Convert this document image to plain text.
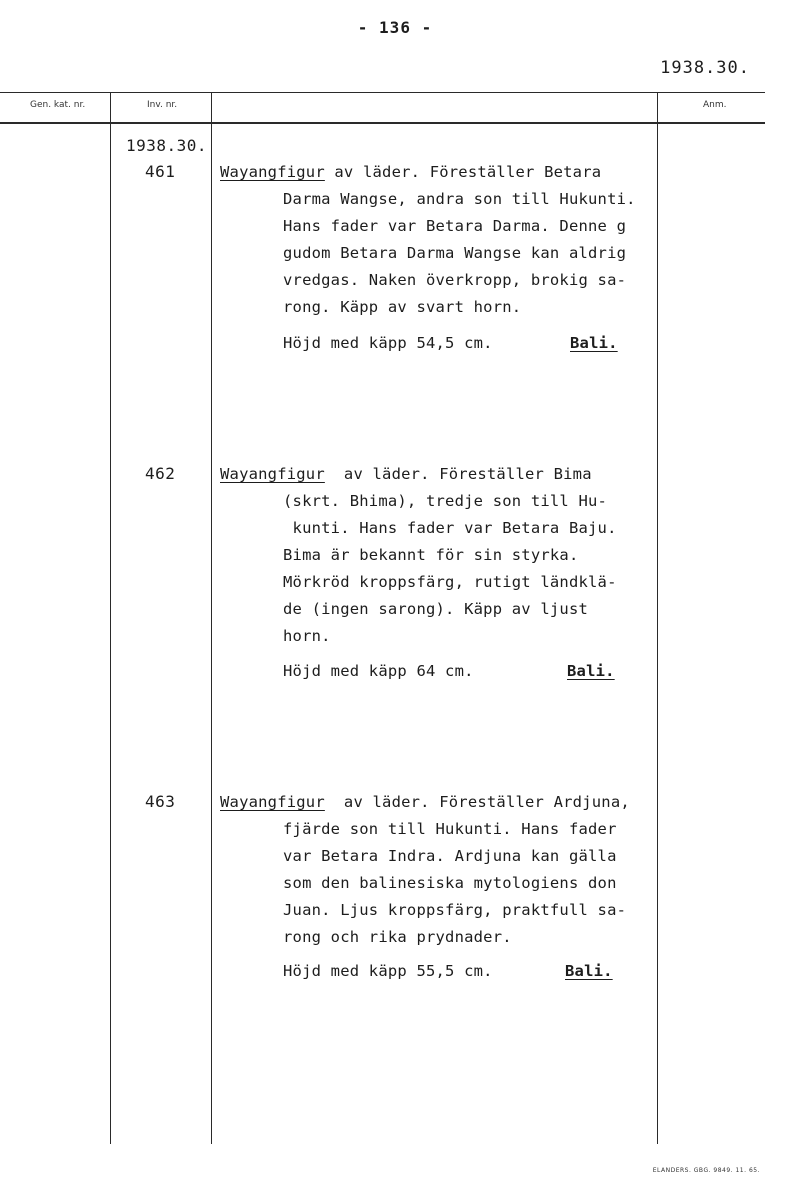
- 136 -
1938.30.
Gen. kat. nr.	Inv. nr.	Anm.
1938.30.
461	Wayangfigur av läder. Föreställer Betara
Darma Wangse, andra son till Hukunti.
Hans fader var Betara Darma. Denne g
gudom Betara Darma Wangse kan aldrig
vredgas. Naken överkropp, brokig sa-
rong. Käpp av svart horn.
Höjd med käpp 54,5 cm.	Bali.
462	Wayangfigur  av läder. Föreställer Bima
(skrt. Bhima), tredje son till Hu-
kunti. Hans fader var Betara Baju.
Bima är bekannt för sin styrka.
Mörkröd kroppsfärg, rutigt ländklä-
de (ingen sarong). Käpp av ljust
horn.
Höjd med käpp 64 cm.	Bali.
463	Wayangfigur  av läder. Föreställer Ardjuna,
fjärde son till Hukunti. Hans fader
var Betara Indra. Ardjuna kan gälla
som den balinesiska mytologiens don
Juan. Ljus kroppsfärg, praktfull sa-
rong och rika prydnader.
Höjd med käpp 55,5 cm.	Bali.
ELANDERS. GBG. 9849. 11. 65.
